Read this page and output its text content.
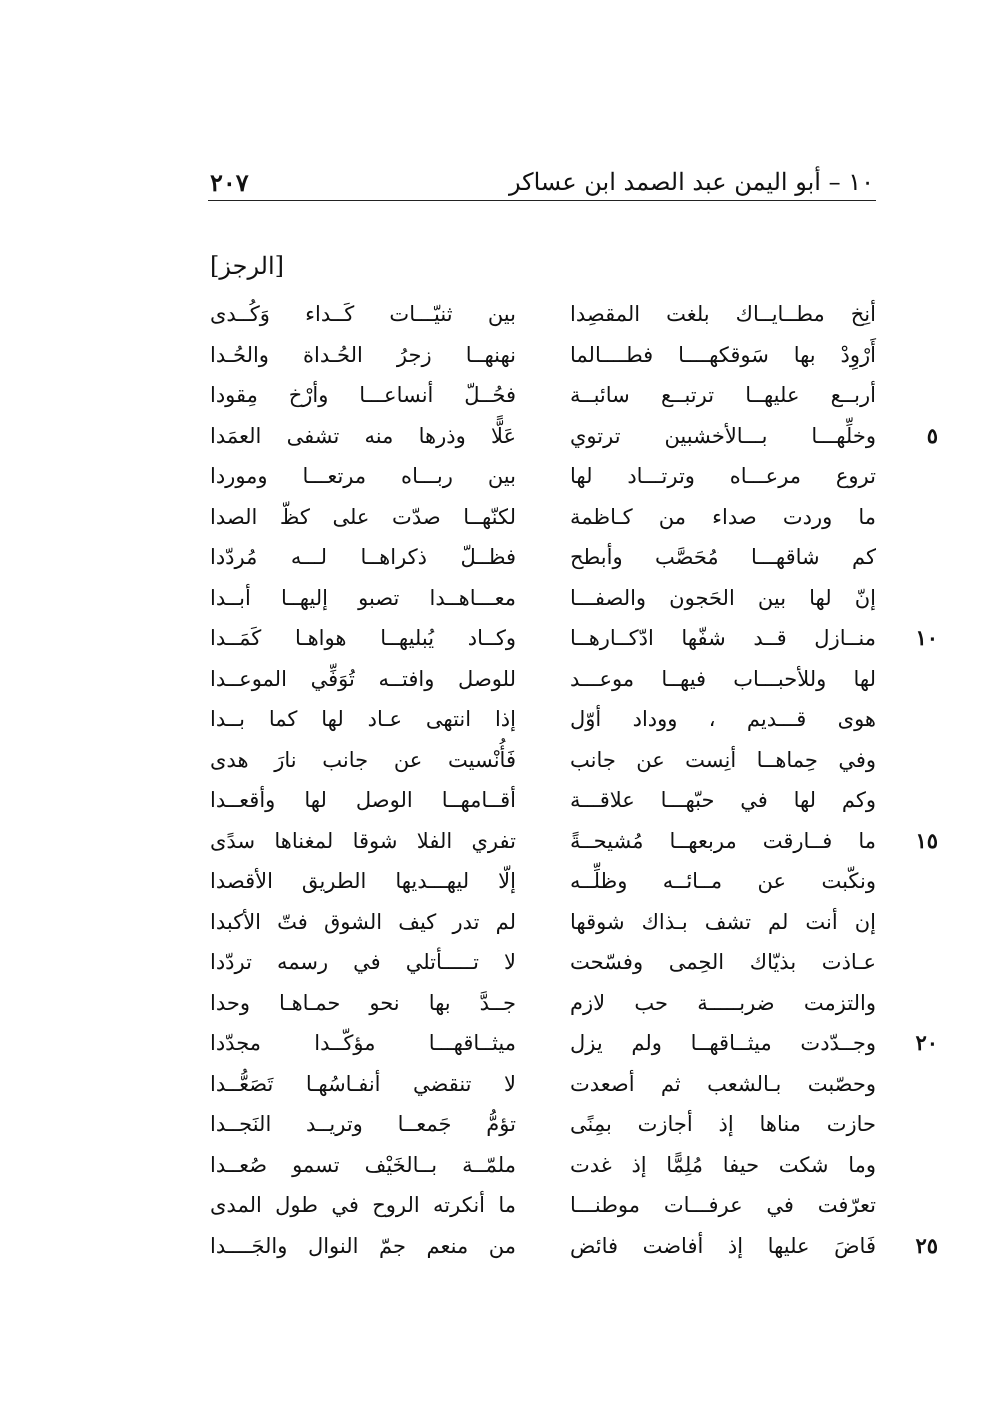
١٠ – أبو اليمن عبد الصمد ابن عساكر
٢٠٧
[الرجز]
أنِخ مطــايــاك بلغت المقصِدا
بين ثنيّـــات كَــداء وَكُــدى
أَرْوِدْ بها سَوقكهــــا فطــــالما
نهنهــا زجرُ الحُـداة والحُـدا
أربــع عليهــا ترتبــع سائبــة
فحُــلّ أنساعـــا وأرْخ مِقودا
٥
وخلِّهـــا بـــالأخشبين ترتوي
عَلًّا وذرها منه تشفى العمَدا
تروع مرعـــاه وترتـــاد لها
بين ربـــاه مرتعـــا وموردا
ما وردت صداء من كـاظمة
لكنّهــا صدّت على كظّ الصدا
كم شاقهـــا مُحَصَّب وأبطح
فظــلّ ذكراهــا لـــه مُردّدا
إنّ لها بين الحَجون والصفـــا
معـــاهــدا تصبو إليهــا أبــدا
١٠
منــازل قــد شفّها ادّكــارهــا
وكــاد يُبليهــا هواهـا كَمَــدا
لها وللأحبـــاب فيهــا موعـــد
للوصل وافتــه تُوَفِّي الموعــدا
هوى قـــديم ، ووداد أوّل
إذا انتهى عـاد لها كما بــدا
وفي حِماهــا أنِست عن جانب
فَأُنْسيت عن جانب نارَ هدى
وكم لها في حبّهـــا علاقـــة
أقــامهــا الوصل لها وأقعــدا
١٥
ما فــارقت مربعهــا مُشيحــةً
تفري الفلا شوقا لمغناها سدًى
ونكّبت عن مــائــه وظلِّــه
إلّا ليهـــديها الطريق الأقصدا
إن أنت لم تشف بـذاك شوقها
لم تدر كيف الشوق فتّ الأكبدا
عـاذت بذيّاك الحِمى وفسّحت
لا تـــــأتلي في رسمه تردّدا
والتزمت ضربـــــة حب لازم
جــدَّ بها نحو حمـاهـا وحدا
٢٠
وجــدّدت ميثــاقهــا ولم يزل
ميثــاقهـــا مؤكّــدا مجدّدا
وحصّبت بـالشعب ثم أصعدت
لا تنقضي أنفـاسُهـا تَصَعُّــدا
حازت مناها إذ أجازت بمِنًى
تؤمُّ جَمعــا وتريــد النَجــدا
وما شكت حيفا مُلِمًّا إذ غدت
ملمّــة بــالخَيْف تسمو صُعــدا
تعرّفت في عرفـــات موطنـــا
ما أنكرته الروح في طول المدى
٢٥
فَاضَ عليها إذ أفاضت فائض
من منعم جمّ النوال والجَــــدا
